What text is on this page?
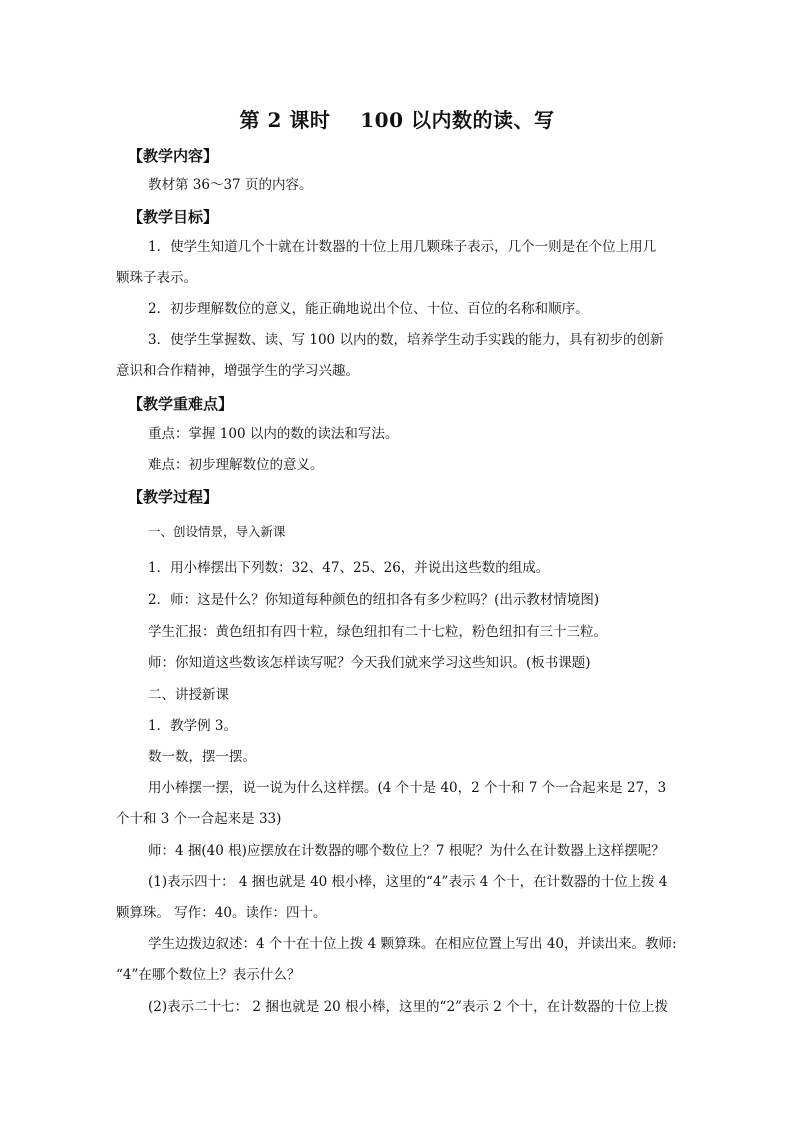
第 2 课时    100 以内数的读、写
【教学内容】
教材第 36～37 页的内容。
【教学目标】
1．使学生知道几个十就在计数器的十位上用几颗珠子表示，几个一则是在个位上用几
颗珠子表示。
2．初步理解数位的意义，能正确地说出个位、十位、百位的名称和顺序。
3．使学生掌握数、读、写 100 以内的数，培养学生动手实践的能力，具有初步的创新
意识和合作精神，增强学生的学习兴趣。
【教学重难点】
重点：掌握 100 以内的数的读法和写法。
难点：初步理解数位的意义。
【教学过程】
一、创设情景，导入新课
1．用小棒摆出下列数：32、47、25、26，并说出这些数的组成。
2．师：这是什么？你知道每种颜色的纽扣各有多少粒吗？(出示教材情境图)
学生汇报：黄色纽扣有四十粒，绿色纽扣有二十七粒，粉色纽扣有三十三粒。
师：你知道这些数该怎样读写呢？今天我们就来学习这些知识。(板书课题)
二、讲授新课
1．教学例 3。
数一数，摆一摆。
用小棒摆一摆，说一说为什么这样摆。(4 个十是 40，2 个十和 7 个一合起来是 27，3
个十和 3 个一合起来是 33)
师：4 捆(40 根)应摆放在计数器的哪个数位上？7 根呢？为什么在计数器上这样摆呢？
(1)表示四十： 4 捆也就是 40 根小棒，这里的“4”表示 4 个十，在计数器的十位上拨 4
颗算珠。 写作：40。读作：四十。
学生边拨边叙述：4 个十在十位上拨 4 颗算珠。在相应位置上写出 40，并读出来。教师:
“4”在哪个数位上？表示什么？
(2)表示二十七： 2 捆也就是 20 根小棒，这里的“2”表示 2 个十，在计数器的十位上拨
